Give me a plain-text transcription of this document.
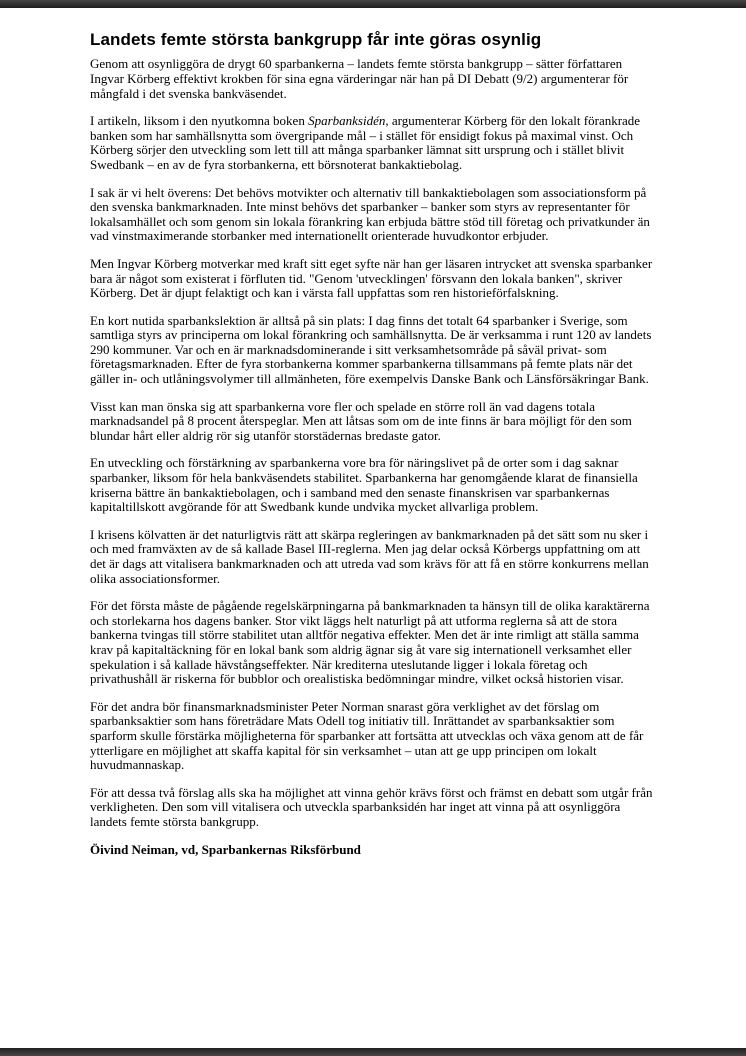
Landets femte största bankgrupp får inte göras osynlig

Genom att osynliggöra de drygt 60 sparbankerna – landets femte största bankgrupp – sätter författaren Ingvar Körberg effektivt krokben för sina egna värderingar när han på DI Debatt (9/2) argumenterar för mångfald i det svenska bankväsendet.

I artikeln, liksom i den nyutkomna boken Sparbanksidén, argumenterar Körberg för den lokalt förankrade banken som har samhällsnytta som övergripande mål – i stället för ensidigt fokus på maximal vinst. Och Körberg sörjer den utveckling som lett till att många sparbanker lämnat sitt ursprung och i stället blivit Swedbank – en av de fyra storbankerna, ett börsnoterat bankaktiebolag.

I sak är vi helt överens: Det behövs motvikter och alternativ till bankaktiebolagen som associationsform på den svenska bankmarknaden. Inte minst behövs det sparbanker – banker som styrs av representanter för lokalsamhället och som genom sin lokala förankring kan erbjuda bättre stöd till företag och privatkunder än vad vinstmaximerande storbanker med internationellt orienterade huvudkontor erbjuder.

Men Ingvar Körberg motverkar med kraft sitt eget syfte när han ger läsaren intrycket att svenska sparbanker bara är något som existerat i förfluten tid. "Genom 'utvecklingen' försvann den lokala banken", skriver Körberg. Det är djupt felaktigt och kan i värsta fall uppfattas som ren historieförfalskning.

En kort nutida sparbankslektion är alltså på sin plats: I dag finns det totalt 64 sparbanker i Sverige, som samtliga styrs av principerna om lokal förankring och samhällsnytta. De är verksamma i runt 120 av landets 290 kommuner. Var och en är marknadsdominerande i sitt verksamhetsområde på såväl privat- som företagsmarknaden. Efter de fyra storbankerna kommer sparbankerna tillsammans på femte plats när det gäller in- och utlåningsvolymer till allmänheten, före exempelvis Danske Bank och Länsförsäkringar Bank.

Visst kan man önska sig att sparbankerna vore fler och spelade en större roll än vad dagens totala marknadsandel på 8 procent återspeglar. Men att låtsas som om de inte finns är bara möjligt för den som blundar hårt eller aldrig rör sig utanför storstädernas bredaste gator.

En utveckling och förstärkning av sparbankerna vore bra för näringslivet på de orter som i dag saknar sparbanker, liksom för hela bankväsendets stabilitet. Sparbankerna har genomgående klarat de finansiella kriserna bättre än bankaktiebolagen, och i samband med den senaste finanskrisen var sparbankernas kapitaltillskott avgörande för att Swedbank kunde undvika mycket allvarliga problem.

I krisens kölvatten är det naturligtvis rätt att skärpa regleringen av bankmarknaden på det sätt som nu sker i och med framväxten av de så kallade Basel III-reglerna. Men jag delar också Körbergs uppfattning om att det är dags att vitalisera bankmarknaden och att utreda vad som krävs för att få en större konkurrens mellan olika associationsformer.

För det första måste de pågående regelskärpningarna på bankmarknaden ta hänsyn till de olika karaktärerna och storlekarna hos dagens banker. Stor vikt läggs helt naturligt på att utforma reglerna så att de stora bankerna tvingas till större stabilitet utan alltför negativa effekter. Men det är inte rimligt att ställa samma krav på kapitaltäckning för en lokal bank som aldrig ägnar sig åt vare sig internationell verksamhet eller spekulation i så kallade hävstångseffekter. När krediterna uteslutande ligger i lokala företag och privathushåll är riskerna för bubblor och orealistiska bedömningar mindre, vilket också historien visar.

För det andra bör finansmarknadsminister Peter Norman snarast göra verklighet av det förslag om sparbanksaktier som hans företrädare Mats Odell tog initiativ till. Inrättandet av sparbanksaktier som sparform skulle förstärka möjligheterna för sparbanker att fortsätta att utvecklas och växa genom att de får ytterligare en möjlighet att skaffa kapital för sin verksamhet – utan att ge upp principen om lokalt huvudmannaskap.

För att dessa två förslag alls ska ha möjlighet att vinna gehör krävs först och främst en debatt som utgår från verkligheten. Den som vill vitalisera och utveckla sparbanksidén har inget att vinna på att osynliggöra landets femte största bankgrupp.

Öivind Neiman, vd, Sparbankernas Riksförbund
